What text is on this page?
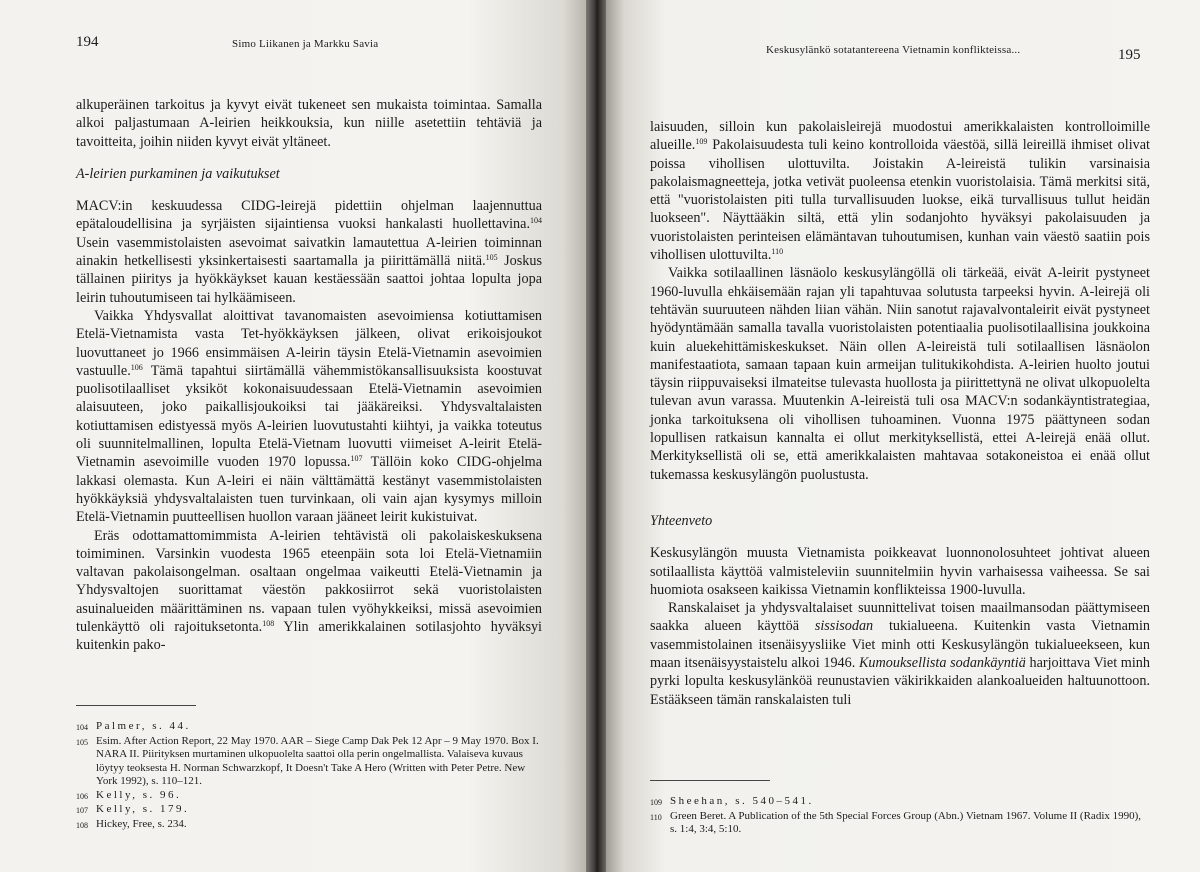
194	Simo Liikanen ja Markku Savia

alkuperäinen tarkoitus ja kyvyt eivät tukeneet sen mukaista toimintaa. Samalla alkoi paljastumaan A-leirien heikkouksia, kun niille asetettiin tehtäviä ja tavoitteita, joihin niiden kyvyt eivät yltäneet.

A-leirien purkaminen ja vaikutukset

MACV:in keskuudessa CIDG-leirejä pidettiin ohjelman laajennuttua epätaloudellisina ja syrjäisten sijaintiensa vuoksi hankalasti huollettavina.$^{104}$ Usein vasemmistolaisten asevoimat saivatkin lamautettua A-leirien toiminnan ainakin hetkellisesti yksinkertaisesti saartamalla ja piirittämällä niitä.$^{105}$ Joskus tällainen piiritys ja hyökkäykset kauan kestäessään saattoi johtaa lopulta jopa leirin tuhoutumiseen tai hylkäämiseen.

Vaikka Yhdysvallat aloittivat tavanomaisten asevoimiensa kotiuttamisen Etelä-Vietnamista vasta Tet-hyökkäyksen jälkeen, olivat erikoisjoukot luovuttaneet jo 1966 ensimmäisen A-leirin täysin Etelä-Vietnamin asevoimien vastuulle.$^{106}$ Tämä tapahtui siirtämällä vähemmistökansallisuuksista koostuvat puolisotilaalliset yksiköt kokonaisuudessaan Etelä-Vietnamin asevoimien alaisuuteen, joko paikallisjoukoiksi tai jääkäreiksi. Yhdysvaltalaisten kotiuttamisen edistyessä myös A-leirien luovutustahti kiihtyi, ja vaikka toteutus oli suunnitelmallinen, lopulta Etelä-Vietnam luovutti viimeiset A-leirit Etelä-Vietnamin asevoimille vuoden 1970 lopussa.$^{107}$ Tällöin koko CIDG-ohjelma lakkasi olemasta. Kun A-leiri ei näin välttämättä kestänyt vasemmistolaisten hyökkäyksiä yhdysvaltalaisten tuen turvinkaan, oli vain ajan kysymys milloin Etelä-Vietnamin puutteellisen huollon varaan jääneet leirit kukistuivat.

Eräs odottamattomimmista A-leirien tehtävistä oli pakolaiskeskuksena toimiminen. Varsinkin vuodesta 1965 eteenpäin sota loi Etelä-Vietnamiin valtavan pakolaisongelman. osaltaan ongelmaa vaikeutti Etelä-Vietnamin ja Yhdysvaltojen suorittamat väestön pakkosiirrot sekä vuoristolaisten asuinalueiden määrittäminen ns. vapaan tulen vyöhykkeiksi, missä asevoimien tulenkäyttö oli rajoituksetonta.$^{108}$ Ylin amerikkalainen sotilasjohto hyväksyi kuitenkin pako-

104 Palmer, s. 44.
105 Esim. After Action Report, 22 May 1970. AAR – Siege Camp Dak Pek 12 Apr – 9 May 1970. Box I. NARA II. Piirityksen murtaminen ulkopuolelta saattoi olla perin ongelmallista. Valaiseva kuvaus löytyy teoksesta H. Norman Schwarzkopf, It Doesn't Take A Hero (Written with Peter Petre. New York 1992), s. 110–121.
106 Kelly, s. 96.
107 Kelly, s. 179.
108 Hickey, Free, s. 234.
Keskusylänkö sotatantereena Vietnamin konflikteissa...	195

laisuuden, silloin kun pakolaisleirejä muodostui amerikkalaisten kontrolloimille alueille.$^{109}$ Pakolaisuudesta tuli keino kontrolloida väestöä, sillä leireillä ihmiset olivat poissa vihollisen ulottuvilta. Joistakin A-leireistä tulikin varsinaisia pakolaismagneetteja, jotka vetivät puoleensa etenkin vuoristolaisia. Tämä merkitsi sitä, että "vuoristolaisten piti tulla turvallisuuden luokse, eikä turvallisuus tullut heidän luokseen". Näyttääkin siltä, että ylin sodanjohto hyväksyi pakolaisuuden ja vuoristolaisten perinteisen elämäntavan tuhoutumisen, kunhan vain väestö saatiin pois vihollisen ulottuvilta.$^{110}$

Vaikka sotilaallinen läsnäolo keskusylängöllä oli tärkeää, eivät A-leirit pystyneet 1960-luvulla ehkäisemään rajan yli tapahtuvaa solutusta tarpeeksi hyvin. A-leirejä oli tehtävän suuruuteen nähden liian vähän. Niin sanotut rajavalvontaleirit eivät pystyneet hyödyntämään samalla tavalla vuoristolaisten potentiaalia puolisotilaallisina joukkoina kuin aluekehittämiskeskukset. Näin ollen A-leireistä tuli sotilaallisen läsnäolon manifestaatiota, samaan tapaan kuin armeijan tulitukikohdista. A-leirien huolto joutui täysin riippuvaiseksi ilmateitse tulevasta huollosta ja piirittettynä ne olivat ulkopuolelta tulevan avun varassa. Muutenkin A-leireistä tuli osa MACV:n sodankäyntistrategiaa, jonka tarkoituksena oli vihollisen tuhoaminen. Vuonna 1975 päättyneen sodan lopullisen ratkaisun kannalta ei ollut merkityksellistä, ettei A-leirejä enää ollut. Merkityksellistä oli se, että amerikkalaisten mahtavaa sotakoneistoa ei enää ollut tukemassa keskusylängön puolustusta.

Yhteenveto

Keskusylängön muusta Vietnamista poikkeavat luonnonolosuhteet johtivat alueen sotilaallista käyttöä valmisteleviin suunnitelmiin hyvin varhaisessa vaiheessa. Se sai huomiota osakseen kaikissa Vietnamin konflikteissa 1900-luvulla.

Ranskalaiset ja yhdysvaltalaiset suunnittelivat toisen maailmansodan päättymiseen saakka alueen käyttöä sissisodan tukialueena. Kuitenkin vasta Vietnamin vasemmistolainen itsenäisyysliike Viet minh otti Keskusylängön tukialueekseen, kun maan itsenäisyystaistelu alkoi 1946. Kumouksellista sodankäyntiä harjoittava Viet minh pyrki lopulta keskusylänköä reunustavien väkirikkaiden alankoalueiden haltuunottoon. Estääkseen tämän ranskalaisten tuli

109 Sheehan, s. 540–541.
110 Green Beret. A Publication of the 5th Special Forces Group (Abn.) Vietnam 1967. Volume II (Radix 1990), s. 1:4, 3:4, 5:10.
